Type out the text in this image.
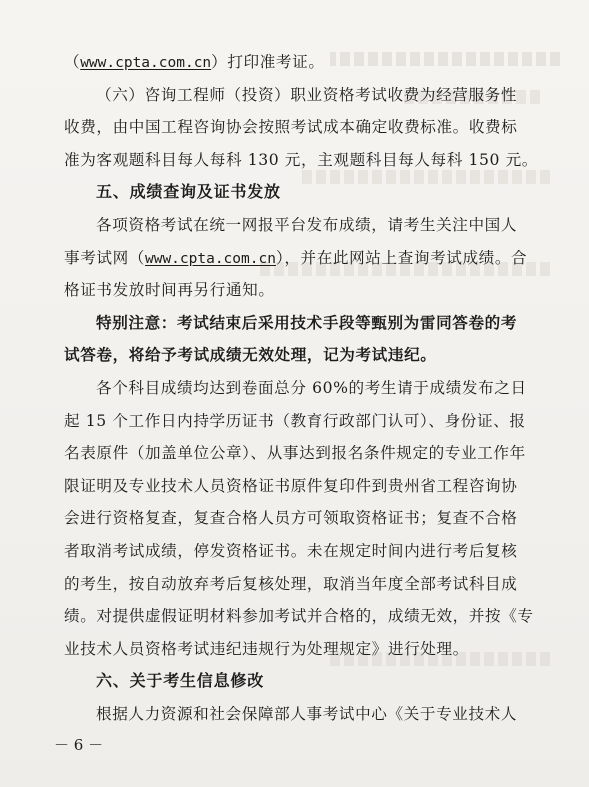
（www.cpta.com.cn）打印准考证。
（六）咨询工程师（投资）职业资格考试收费为经营服务性
收费，由中国工程咨询协会按照考试成本确定收费标准。收费标
准为客观题科目每人每科 130 元，主观题科目每人每科 150 元。
五、成绩查询及证书发放
各项资格考试在统一网报平台发布成绩，请考生关注中国人
事考试网（www.cpta.com.cn），并在此网站上查询考试成绩。合
格证书发放时间再另行通知。
特别注意：考试结束后采用技术手段等甄别为雷同答卷的考
试答卷，将给予考试成绩无效处理，记为考试违纪。
各个科目成绩均达到卷面总分 60%的考生请于成绩发布之日
起 15 个工作日内持学历证书（教育行政部门认可）、身份证、报
名表原件（加盖单位公章）、从事达到报名条件规定的专业工作年
限证明及专业技术人员资格证书原件复印件到贵州省工程咨询协
会进行资格复查，复查合格人员方可领取资格证书；复查不合格
者取消考试成绩，停发资格证书。未在规定时间内进行考后复核
的考生，按自动放弃考后复核处理，取消当年度全部考试科目成
绩。对提供虚假证明材料参加考试并合格的，成绩无效，并按《专
－ 6 －
业技术人员资格考试违纪违规行为处理规定》进行处理。
六、关于考生信息修改
根据人力资源和社会保障部人事考试中心《关于专业技术人
